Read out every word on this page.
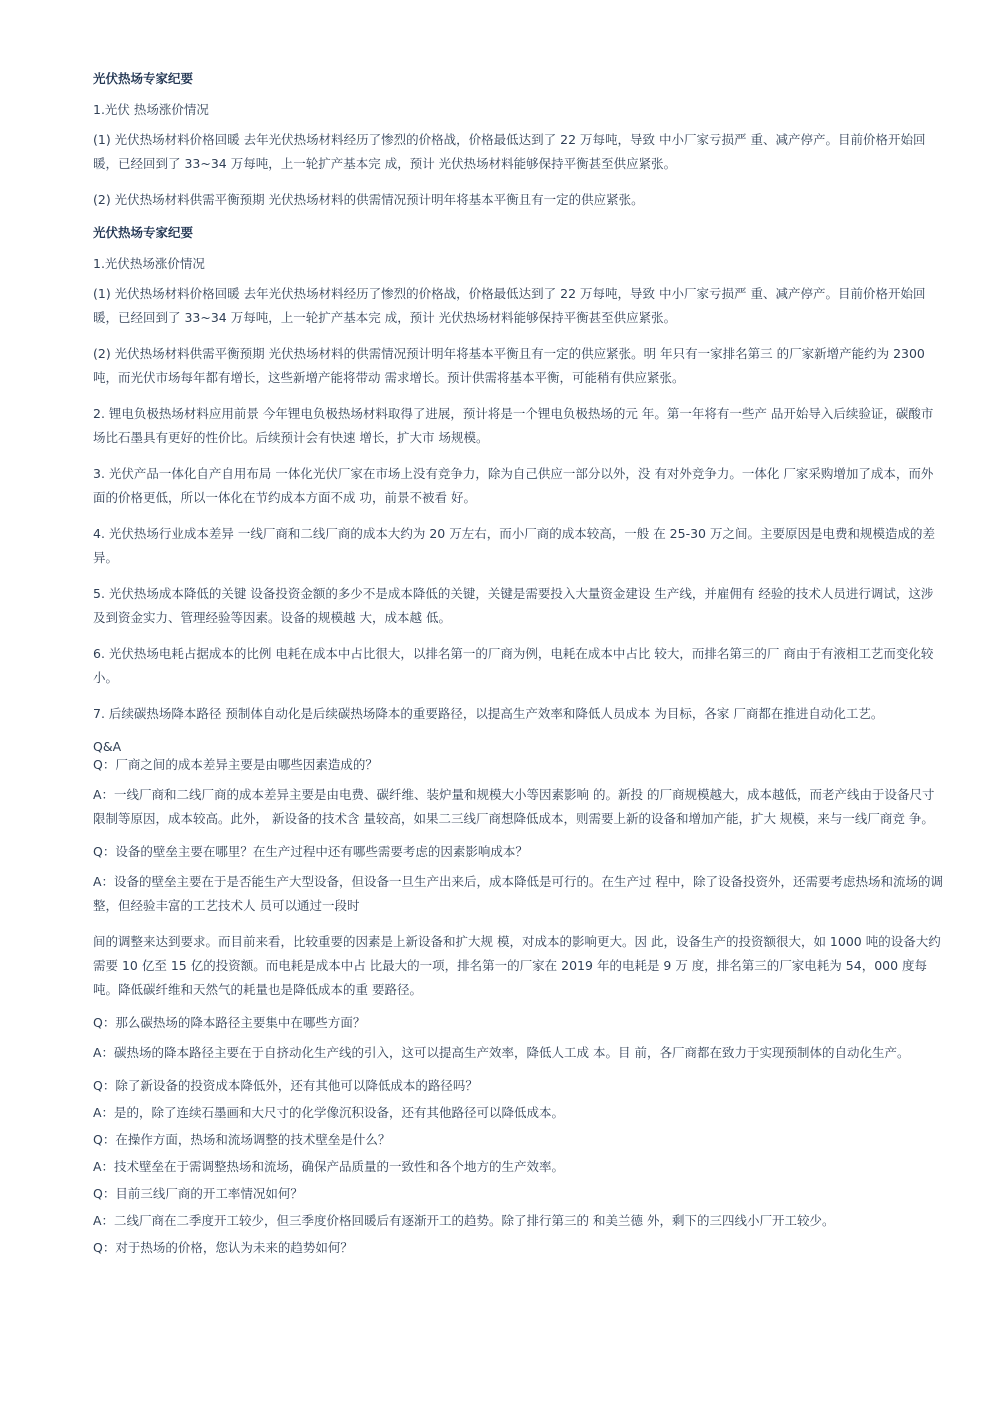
光伏热场专家纪要
1.光伏 热场涨价情况
(1) 光伏热场材料价格回暖 去年光伏热场材料经历了惨烈的价格战，价格最低达到了 22 万每吨，导致 中小厂家亏损严 重、减产停产。目前价格开始回暖，已经回到了 33~34 万每吨，上一轮扩产基本完 成，预计 光伏热场材料能够保持平衡甚至供应紧张。
(2) 光伏热场材料供需平衡预期 光伏热场材料的供需情况预计明年将基本平衡且有一定的供应紧张。
光伏热场专家纪要
1.光伏热场涨价情况
(1) 光伏热场材料价格回暖 去年光伏热场材料经历了惨烈的价格战，价格最低达到了 22 万每吨，导致 中小厂家亏损严 重、减产停产。目前价格开始回暖，已经回到了 33~34 万每吨，上一轮扩产基本完 成，预计 光伏热场材料能够保持平衡甚至供应紧张。
(2) 光伏热场材料供需平衡预期 光伏热场材料的供需情况预计明年将基本平衡且有一定的供应紧张。明 年只有一家排名第三 的厂家新增产能约为 2300 吨，而光伏市场每年都有增长，这些新增产能将带动 需求增长。预计供需将基本平衡，可能稍有供应紧张。
2. 锂电负极热场材料应用前景 今年锂电负极热场材料取得了进展，预计将是一个锂电负极热场的元 年。第一年将有一些产 品开始导入后续验证，碳酸市场比石墨具有更好的性价比。后续预计会有快速 增长，扩大市 场规模。
3. 光伏产品一体化自产自用布局 一体化光伏厂家在市场上没有竞争力，除为自己供应一部分以外，没 有对外竞争力。一体化 厂家采购增加了成本，而外面的价格更低，所以一体化在节约成本方面不成 功，前景不被看 好。
4. 光伏热场行业成本差异 一线厂商和二线厂商的成本大约为 20 万左右，而小厂商的成本较高，一般 在 25-30 万之间。主要原因是电费和规模造成的差异。
5. 光伏热场成本降低的关键 设备投资金额的多少不是成本降低的关键，关键是需要投入大量资金建设 生产线，并雇佣有 经验的技术人员进行调试，这涉及到资金实力、管理经验等因素。设备的规模越 大，成本越 低。
6. 光伏热场电耗占据成本的比例 电耗在成本中占比很大，以排名第一的厂商为例，电耗在成本中占比 较大，而排名第三的厂 商由于有液相工艺而变化较小。
7. 后续碳热场降本路径 预制体自动化是后续碳热场降本的重要路径，以提高生产效率和降低人员成本 为目标，各家 厂商都在推进自动化工艺。
Q&A
Q：厂商之间的成本差异主要是由哪些因素造成的？
A：一线厂商和二线厂商的成本差异主要是由电费、碳纤维、装炉量和规模大小等因素影响 的。新投 的厂商规模越大，成本越低，而老产线由于设备尺寸限制等原因，成本较高。此外， 新设备的技术含 量较高，如果二三线厂商想降低成本，则需要上新的设备和增加产能，扩大 规模，来与一线厂商竞 争。
Q：设备的壁垒主要在哪里？在生产过程中还有哪些需要考虑的因素影响成本？
A：设备的壁垒主要在于是否能生产大型设备，但设备一旦生产出来后，成本降低是可行的。在生产过 程中，除了设备投资外，还需要考虑热场和流场的调整，但经验丰富的工艺技术人 员可以通过一段时
间的调整来达到要求。而目前来看，比较重要的因素是上新设备和扩大规 模，对成本的影响更大。因 此，设备生产的投资额很大，如 1000 吨的设备大约需要 10 亿至 15 亿的投资额。而电耗是成本中占 比最大的一项，排名第一的厂家在 2019 年的电耗是 9 万 度，排名第三的厂家电耗为 54，000 度每 吨。降低碳纤维和天然气的耗量也是降低成本的重 要路径。
Q：那么碳热场的降本路径主要集中在哪些方面？
A：碳热场的降本路径主要在于自挤动化生产线的引入，这可以提高生产效率，降低人工成 本。目 前，各厂商都在致力于实现预制体的自动化生产。
Q：除了新设备的投资成本降低外，还有其他可以降低成本的路径吗？
A：是的，除了连续石墨画和大尺寸的化学像沉积设备，还有其他路径可以降低成本。
Q：在操作方面，热场和流场调整的技术壁垒是什么？
A：技术壁垒在于需调整热场和流场，确保产品质量的一致性和各个地方的生产效率。
Q：目前三线厂商的开工率情况如何？
A：二线厂商在二季度开工较少，但三季度价格回暖后有逐渐开工的趋势。除了排行第三的 和美兰德 外，剩下的三四线小厂开工较少。
Q：对于热场的价格，您认为未来的趋势如何？
